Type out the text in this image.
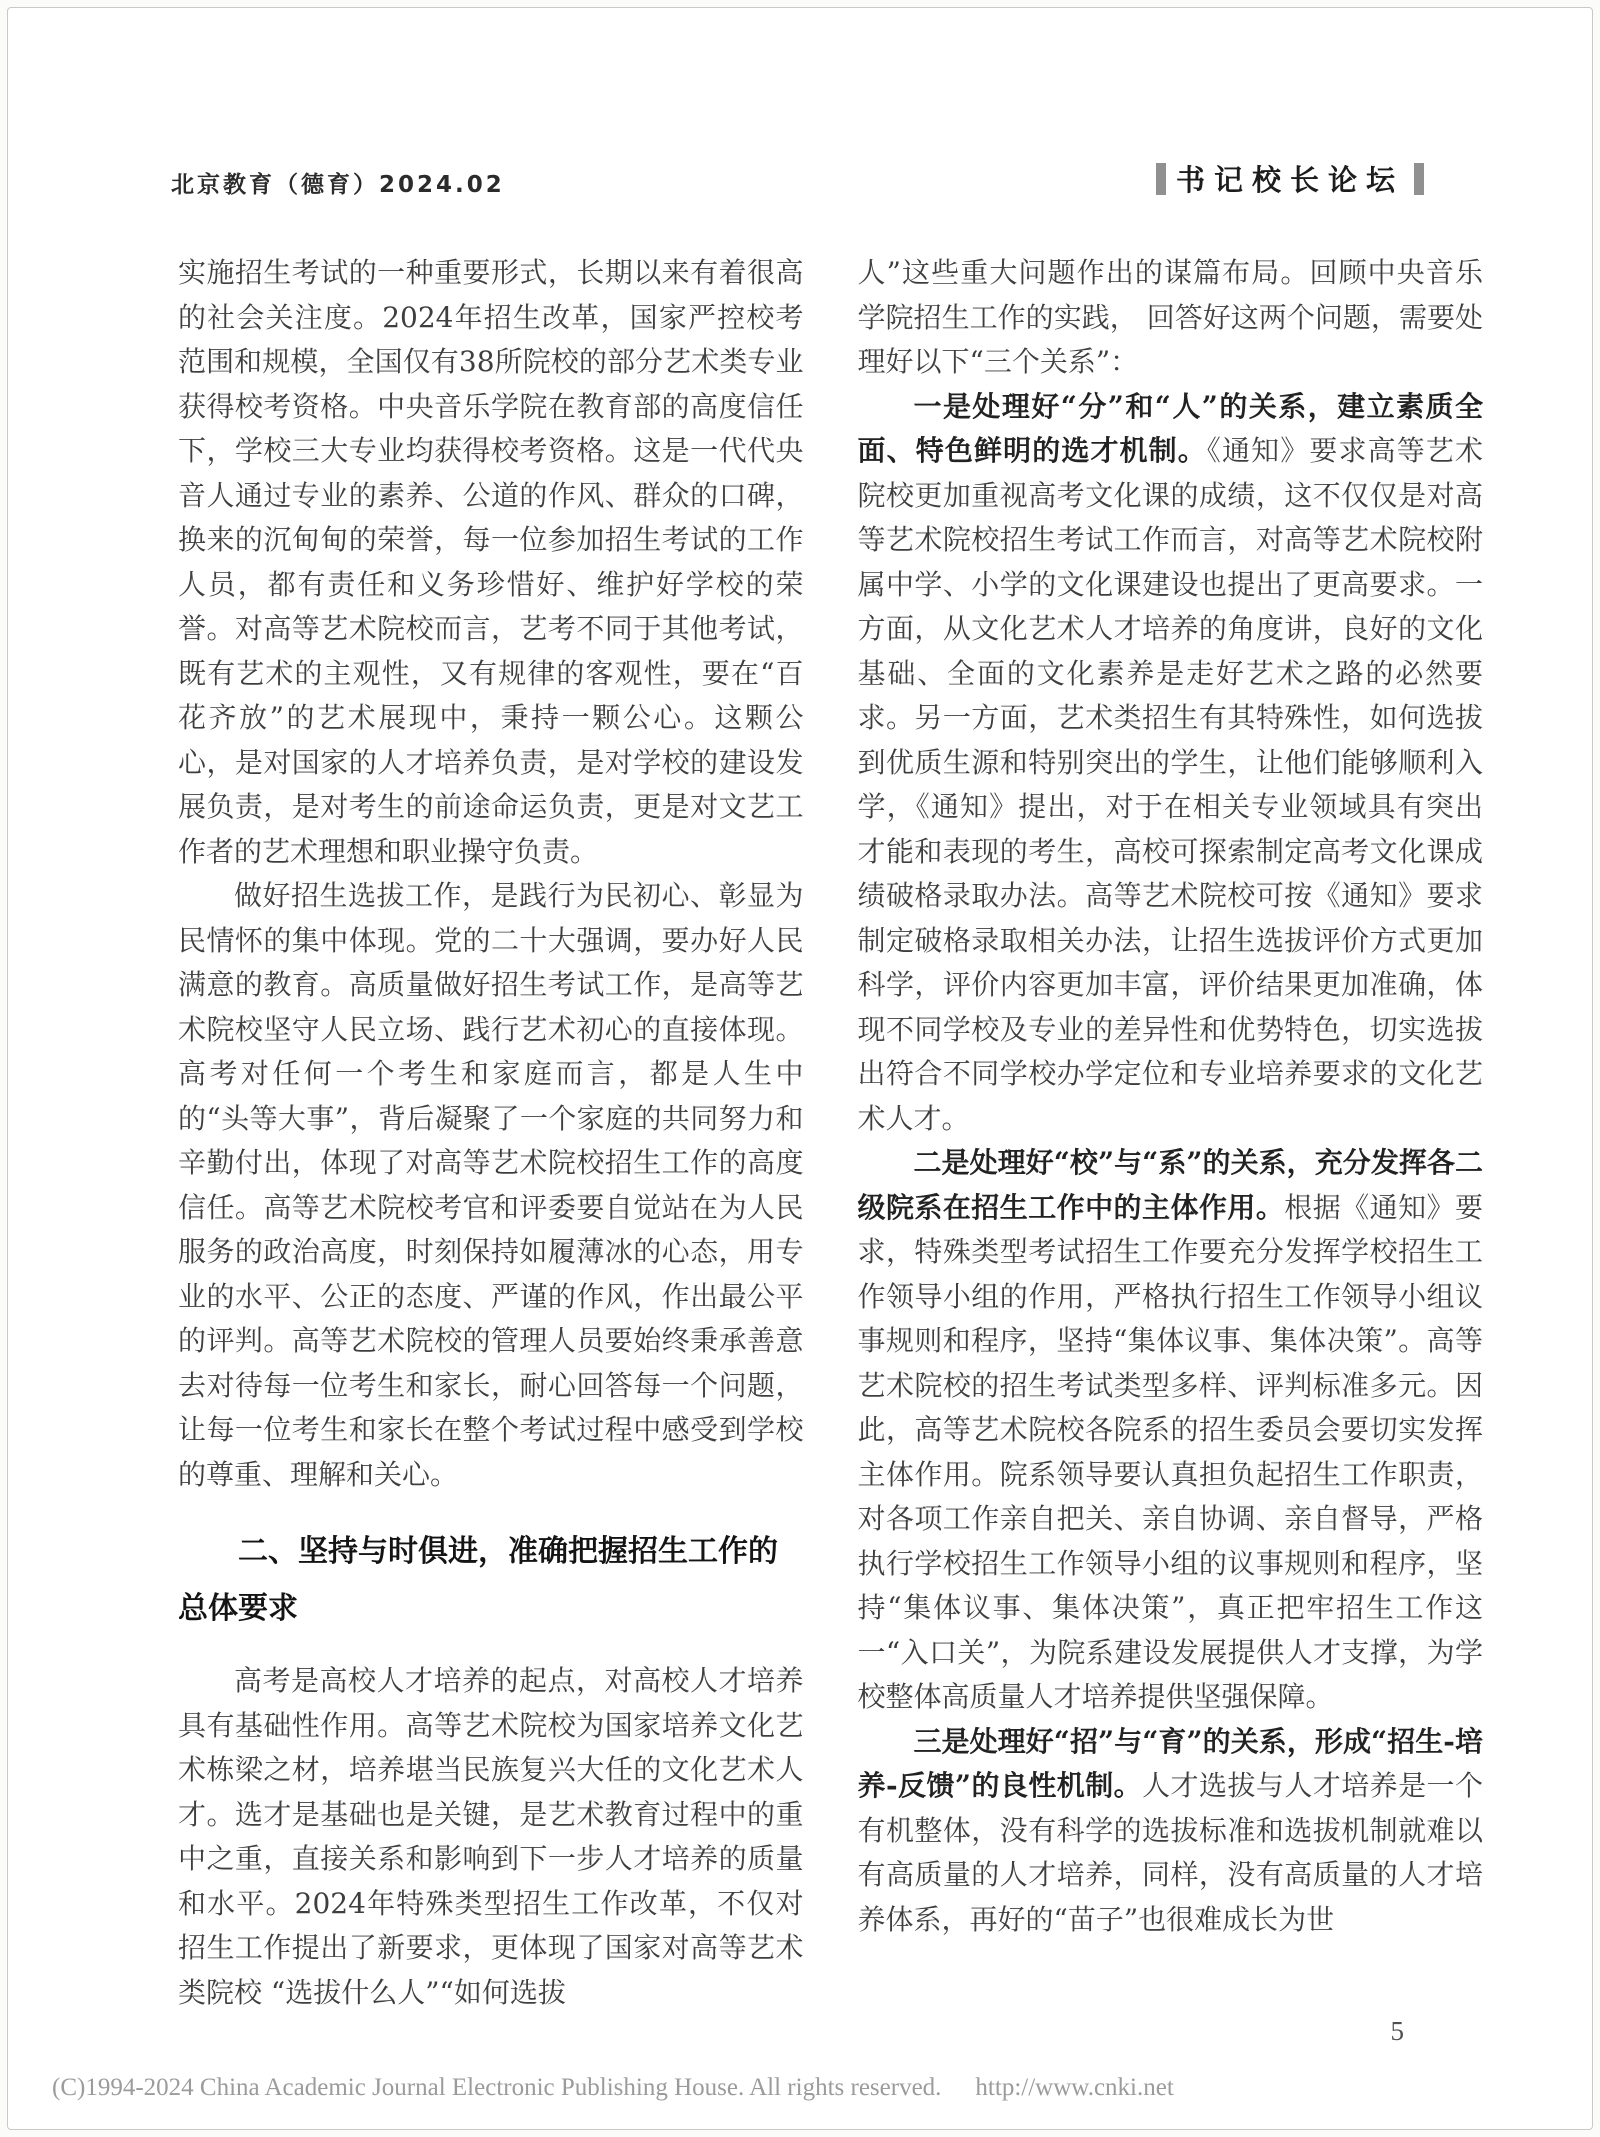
北京教育（德育）2024.02	书记校长论坛

实施招生考试的一种重要形式，长期以来有着很高的社会关注度。2024年招生改革，国家严控校考范围和规模，全国仅有38所院校的部分艺术类专业获得校考资格。中央音乐学院在教育部的高度信任下，学校三大专业均获得校考资格。这是一代代央音人通过专业的素养、公道的作风、群众的口碑，换来的沉甸甸的荣誉，每一位参加招生考试的工作人员，都有责任和义务珍惜好、维护好学校的荣誉。对高等艺术院校而言，艺考不同于其他考试，既有艺术的主观性，又有规律的客观性，要在“百花齐放”的艺术展现中，秉持一颗公心。这颗公心，是对国家的人才培养负责，是对学校的建设发展负责，是对考生的前途命运负责，更是对文艺工作者的艺术理想和职业操守负责。

做好招生选拔工作，是践行为民初心、彰显为民情怀的集中体现。党的二十大强调，要办好人民满意的教育。高质量做好招生考试工作，是高等艺术院校坚守人民立场、践行艺术初心的直接体现。高考对任何一个考生和家庭而言，都是人生中的“头等大事”，背后凝聚了一个家庭的共同努力和辛勤付出，体现了对高等艺术院校招生工作的高度信任。高等艺术院校考官和评委要自觉站在为人民服务的政治高度，时刻保持如履薄冰的心态，用专业的水平、公正的态度、严谨的作风，作出最公平的评判。高等艺术院校的管理人员要始终秉承善意去对待每一位考生和家长，耐心回答每一个问题，让每一位考生和家长在整个考试过程中感受到学校的尊重、理解和关心。

二、坚持与时俱进，准确把握招生工作的总体要求

高考是高校人才培养的起点，对高校人才培养具有基础性作用。高等艺术院校为国家培养文化艺术栋梁之材，培养堪当民族复兴大任的文化艺术人才。选才是基础也是关键，是艺术教育过程中的重中之重，直接关系和影响到下一步人才培养的质量和水平。2024年特殊类型招生工作改革，不仅对招生工作提出了新要求，更体现了国家对高等艺术类院校 “选拔什么人”“如何选拔

人”这些重大问题作出的谋篇布局。回顾中央音乐学院招生工作的实践， 回答好这两个问题，需要处理好以下“三个关系”：

一是处理好“分”和“人”的关系，建立素质全面、特色鲜明的选才机制。《通知》要求高等艺术院校更加重视高考文化课的成绩，这不仅仅是对高等艺术院校招生考试工作而言，对高等艺术院校附属中学、小学的文化课建设也提出了更高要求。一方面，从文化艺术人才培养的角度讲，良好的文化基础、全面的文化素养是走好艺术之路的必然要求。另一方面，艺术类招生有其特殊性，如何选拔到优质生源和特别突出的学生，让他们能够顺利入学，《通知》提出，对于在相关专业领域具有突出才能和表现的考生，高校可探索制定高考文化课成绩破格录取办法。高等艺术院校可按《通知》要求制定破格录取相关办法，让招生选拔评价方式更加科学，评价内容更加丰富，评价结果更加准确，体现不同学校及专业的差异性和优势特色，切实选拔出符合不同学校办学定位和专业培养要求的文化艺术人才。

二是处理好“校”与“系”的关系，充分发挥各二级院系在招生工作中的主体作用。根据《通知》要求，特殊类型考试招生工作要充分发挥学校招生工作领导小组的作用，严格执行招生工作领导小组议事规则和程序，坚持“集体议事、集体决策”。高等艺术院校的招生考试类型多样、评判标准多元。因此，高等艺术院校各院系的招生委员会要切实发挥主体作用。院系领导要认真担负起招生工作职责，对各项工作亲自把关、亲自协调、亲自督导，严格执行学校招生工作领导小组的议事规则和程序，坚持“集体议事、集体决策”，真正把牢招生工作这一“入口关”，为院系建设发展提供人才支撑，为学校整体高质量人才培养提供坚强保障。

三是处理好“招”与“育”的关系，形成“招生-培养-反馈”的良性机制。人才选拔与人才培养是一个有机整体，没有科学的选拔标准和选拔机制就难以有高质量的人才培养，同样，没有高质量的人才培养体系，再好的“苗子”也很难成长为世

5
(C)1994-2024 China Academic Journal Electronic Publishing House. All rights reserved. http://www.cnki.net
